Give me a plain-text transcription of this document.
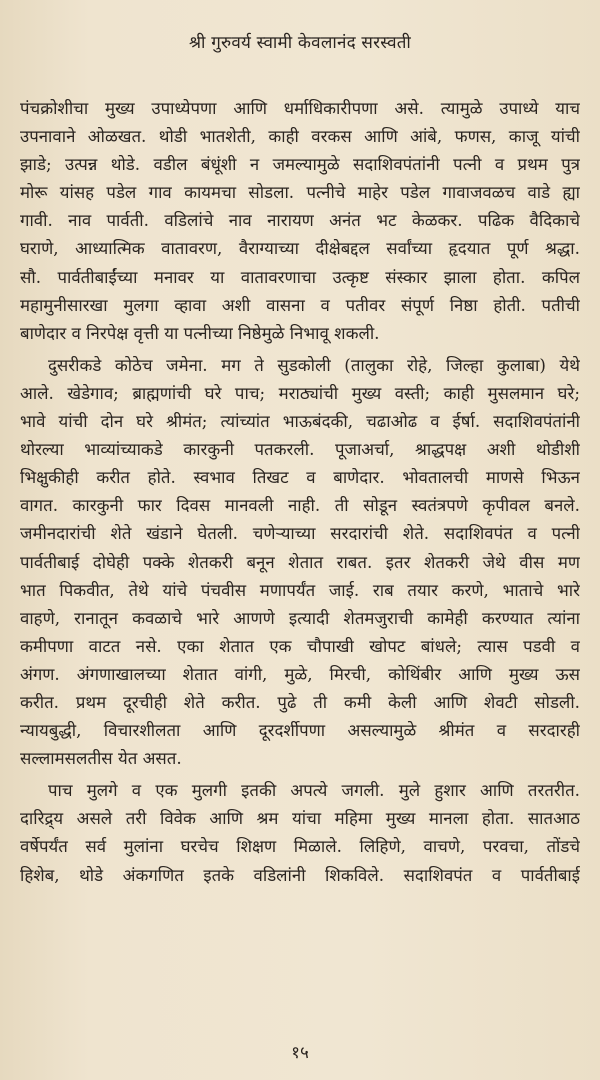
श्री गुरुवर्य स्वामी केवलानंद सरस्वती
पंचक्रोशीचा मुख्य उपाध्येपणा आणि धर्माधिकारीपणा असे. त्यामुळे उपाध्ये याच
उपनावाने ओळखत. थोडी भातशेती, काही वरकस आणि आंबे, फणस, काजू यांची
झाडे; उत्पन्न थोडे. वडील बंधूंशी न जमल्यामुळे सदाशिवपंतांनी पत्नी व प्रथम पुत्र
मोरू यांसह पडेल गाव कायमचा सोडला. पत्नीचे माहेर पडेल गावाजवळच वाडे ह्या
गावी. नाव पार्वती. वडिलांचे नाव नारायण अनंत भट केळकर. पढिक वैदिकाचे
घराणे, आध्यात्मिक वातावरण, वैराग्याच्या दीक्षेबद्दल सर्वांच्या हृदयात पूर्ण श्रद्धा.
सौ. पार्वतीबाईंच्या मनावर या वातावरणाचा उत्कृष्ट संस्कार झाला होता. कपिल
महामुनीसारखा मुलगा व्हावा अशी वासना व पतीवर संपूर्ण निष्ठा होती. पतीची
बाणेदार व निरपेक्ष वृत्ती या पत्नीच्या निष्ठेमुळे निभावू शकली.
दुसरीकडे कोठेच जमेना. मग ते सुडकोली (तालुका रोहे, जिल्हा कुलाबा) येथे
आले. खेडेगाव; ब्राह्मणांची घरे पाच; मराठ्यांची मुख्य वस्ती; काही मुसलमान घरे;
भावे यांची दोन घरे श्रीमंत; त्यांच्यांत भाऊबंदकी, चढाओढ व ईर्षा. सदाशिवपंतांनी
थोरल्या भाव्यांच्याकडे कारकुनी पतकरली. पूजाअर्चा, श्राद्धपक्ष अशी थोडीशी
भिक्षुकीही करीत होते. स्वभाव तिखट व बाणेदार. भोवतालची माणसे भिऊन
वागत. कारकुनी फार दिवस मानवली नाही. ती सोडून स्वतंत्रपणे कृपीवल बनले.
जमीनदारांची शेते खंडाने घेतली. चणेऱ्याच्या सरदारांची शेते. सदाशिवपंत व पत्नी
पार्वतीबाई दोघेही पक्के शेतकरी बनून शेतात राबत. इतर शेतकरी जेथे वीस मण
भात पिकवीत, तेथे यांचे पंचवीस मणापर्यंत जाई. राब तयार करणे, भाताचे भारे
वाहणे, रानातून कवळाचे भारे आणणे इत्यादी शेतमजुराची कामेही करण्यात त्यांना
कमीपणा वाटत नसे. एका शेतात एक चौपाखी खोपट बांधले; त्यास पडवी व
अंगण. अंगणाखालच्या शेतात वांगी, मुळे, मिरची, कोथिंबीर आणि मुख्य ऊस
करीत. प्रथम दूरचीही शेते करीत. पुढे ती कमी केली आणि शेवटी सोडली.
न्यायबुद्धी, विचारशीलता आणि दूरदर्शीपणा असल्यामुळे श्रीमंत व सरदारही
सल्लामसलतीस येत असत.
पाच मुलगे व एक मुलगी इतकी अपत्ये जगली. मुले हुशार आणि तरतरीत.
दारिद्र्य असले तरी विवेक आणि श्रम यांचा महिमा मुख्य मानला होता. सातआठ
वर्षेपर्यंत सर्व मुलांना घरचेच शिक्षण मिळाले. लिहिणे, वाचणे, परवचा, तोंडचे
हिशेब, थोडे अंकगणित इतके वडिलांनी शिकविले. सदाशिवपंत व पार्वतीबाई
१५
